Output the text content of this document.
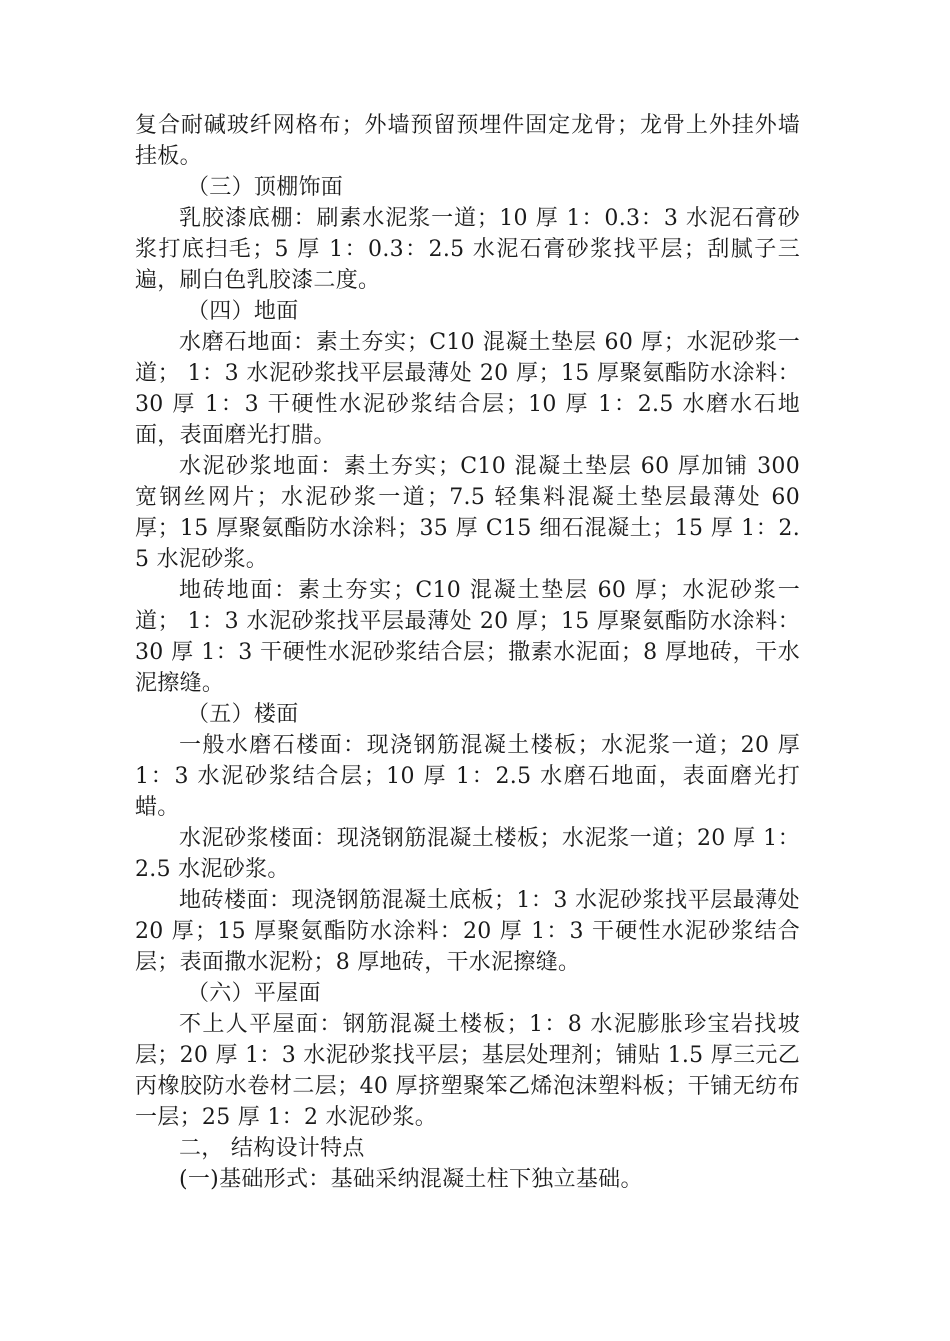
复合耐碱玻纤网格布；外墙预留预埋件固定龙骨；龙骨上外挂外墙挂板。

（三）顶棚饰面

乳胶漆底棚：刷素水泥浆一道；10 厚 1：0.3：3 水泥石膏砂浆打底扫毛；5 厚 1：0.3：2.5 水泥石膏砂浆找平层；刮腻子三遍，刷白色乳胶漆二度。

（四）地面

水磨石地面：素土夯实；C10 混凝土垫层 60 厚；水泥砂浆一道； 1：3 水泥砂浆找平层最薄处 20 厚；15 厚聚氨酯防水涂料：30 厚 1：3 干硬性水泥砂浆结合层；10 厚 1：2.5 水磨水石地面，表面磨光打腊。

水泥砂浆地面：素土夯实；C10 混凝土垫层 60 厚加铺 300 宽钢丝网片；水泥砂浆一道；7.5 轻集料混凝土垫层最薄处 60 厚；15 厚聚氨酯防水涂料；35 厚 C15 细石混凝土；15 厚 1：2.5 水泥砂浆。

地砖地面：素土夯实；C10 混凝土垫层 60 厚；水泥砂浆一道； 1：3 水泥砂浆找平层最薄处 20 厚；15 厚聚氨酯防水涂料：30 厚 1：3 干硬性水泥砂浆结合层；撒素水泥面；8 厚地砖，干水泥擦缝。

（五）楼面

一般水磨石楼面：现浇钢筋混凝土楼板；水泥浆一道；20 厚 1：3 水泥砂浆结合层；10 厚 1：2.5 水磨石地面，表面磨光打蜡。

水泥砂浆楼面：现浇钢筋混凝土楼板；水泥浆一道；20 厚 1：2.5 水泥砂浆。

地砖楼面：现浇钢筋混凝土底板；1：3 水泥砂浆找平层最薄处 20 厚；15 厚聚氨酯防水涂料：20 厚 1：3 干硬性水泥砂浆结合层；表面撒水泥粉；8 厚地砖，干水泥擦缝。

（六）平屋面

不上人平屋面：钢筋混凝土楼板；1：8 水泥膨胀珍宝岩找坡层；20 厚 1：3 水泥砂浆找平层；基层处理剂；铺贴 1.5 厚三元乙丙橡胶防水卷材二层；40 厚挤塑聚笨乙烯泡沫塑料板；干铺无纺布一层；25 厚 1：2 水泥砂浆。

二， 结构设计特点

(一)基础形式：基础采纳混凝土柱下独立基础。
